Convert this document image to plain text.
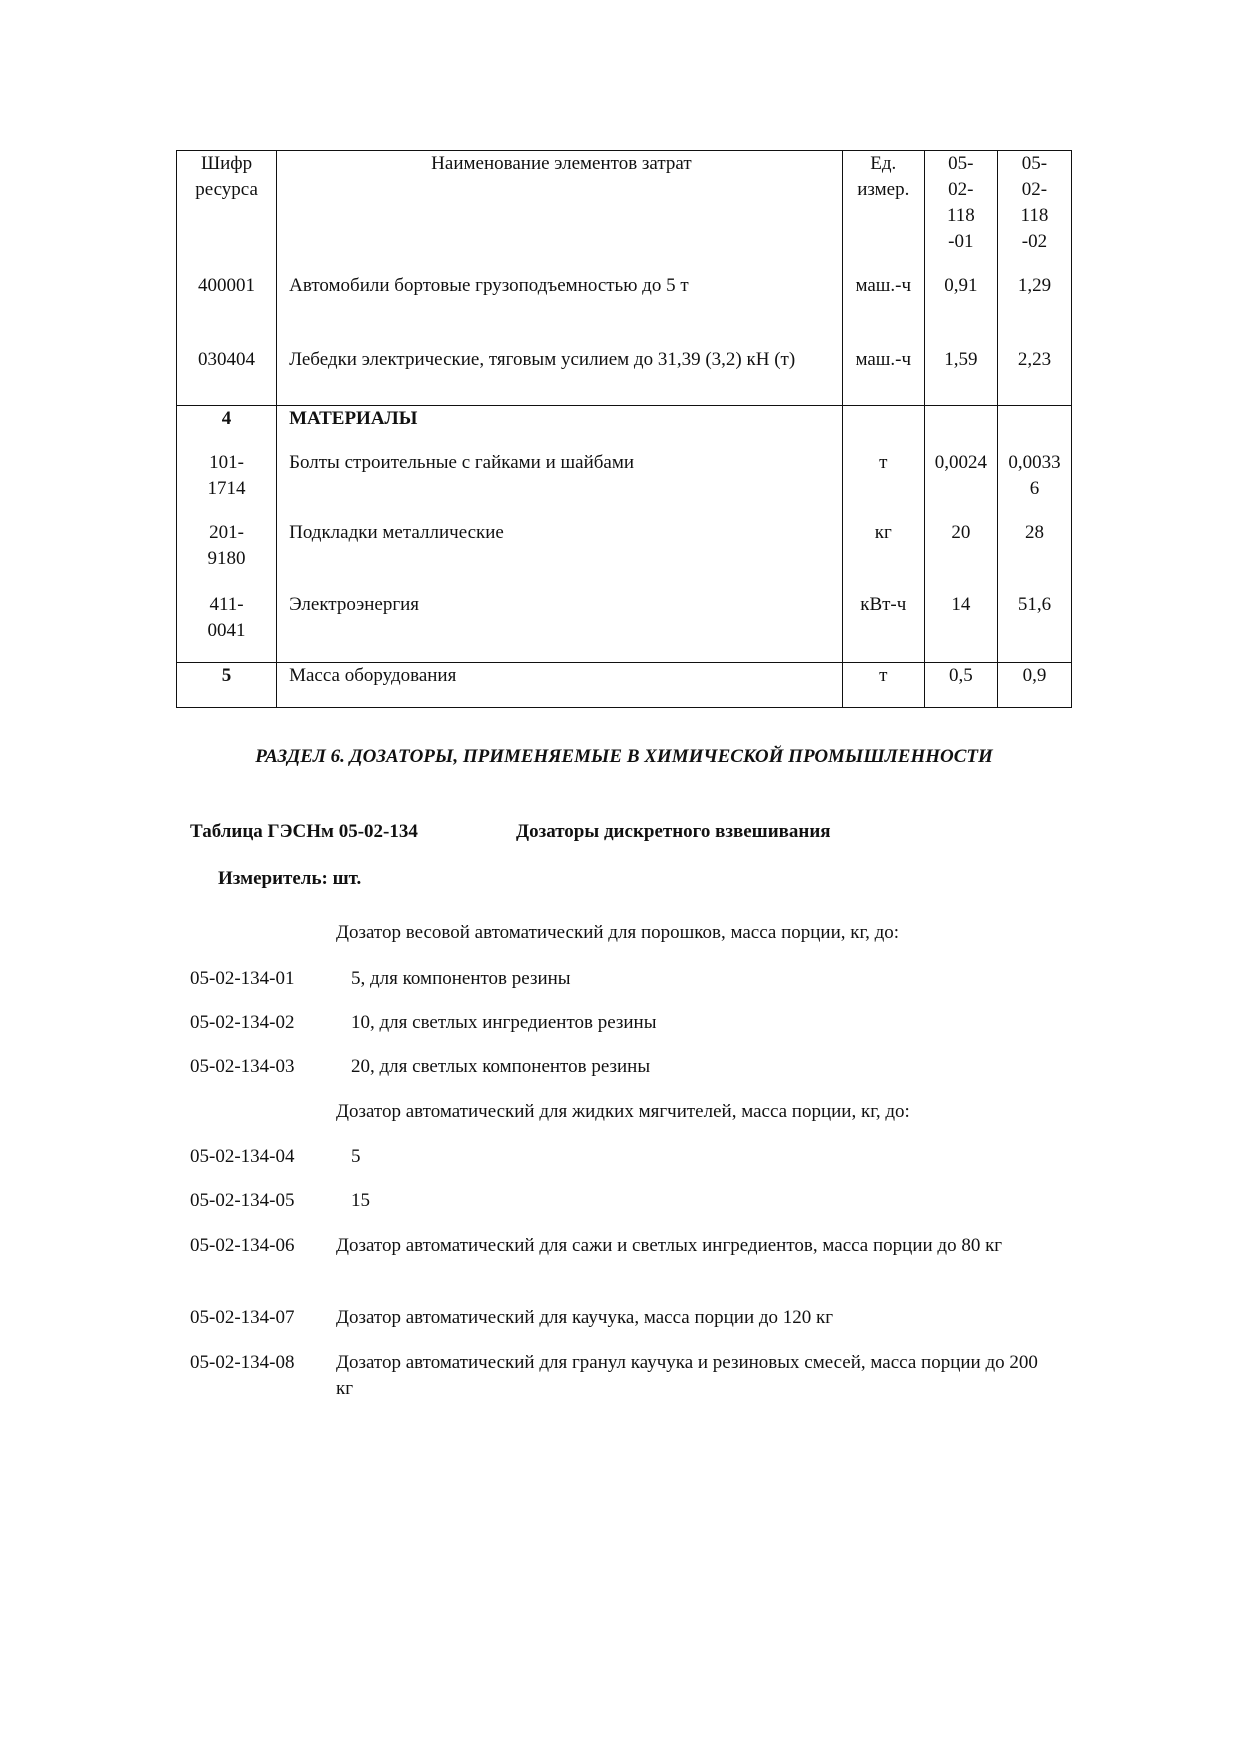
Шифр ресурса	Наименование элементов затрат	Ед. измер.	05-02-118-01	05-02-118-02

400001	Автомобили бортовые грузоподъемностью до 5 т	маш.-ч	0,91	1,29
030404	Лебедки электрические, тяговым усилием до 31,39 (3,2) кН (т)	маш.-ч	1,59	2,23
4	МАТЕРИАЛЫ			

101-1714	Болты строительные с гайками и шайбами	т	0,0024	0,00336

201-9180	Подкладки металлические	кг	20	28

411-0041	Электроэнергия	кВт-ч	14	51,6
5	Масса оборудования	т	0,5	0,9
РАЗДЕЛ 6. ДОЗАТОРЫ, ПРИМЕНЯЕМЫЕ В ХИМИЧЕСКОЙ ПРОМЫШЛЕННОСТИ
Таблица ГЭСНм 05-02-134	Дозаторы дискретного взвешивания
Измеритель: шт.
Дозатор весовой автоматический для порошков, масса порции, кг, до:
05-02-134-01	5, для компонентов резины
05-02-134-02	10, для светлых ингредиентов резины
05-02-134-03	20, для светлых компонентов резины
Дозатор автоматический для жидких мягчителей, масса порции, кг, до:
05-02-134-04	5
05-02-134-05	15
05-02-134-06 Дозатор автоматический для сажи и светлых ингредиентов, масса порции до 80 кг
05-02-134-07 Дозатор автоматический для каучука, масса порции до 120 кг
05-02-134-08 Дозатор автоматический для гранул каучука и резиновых смесей, масса порции до 200 кг
